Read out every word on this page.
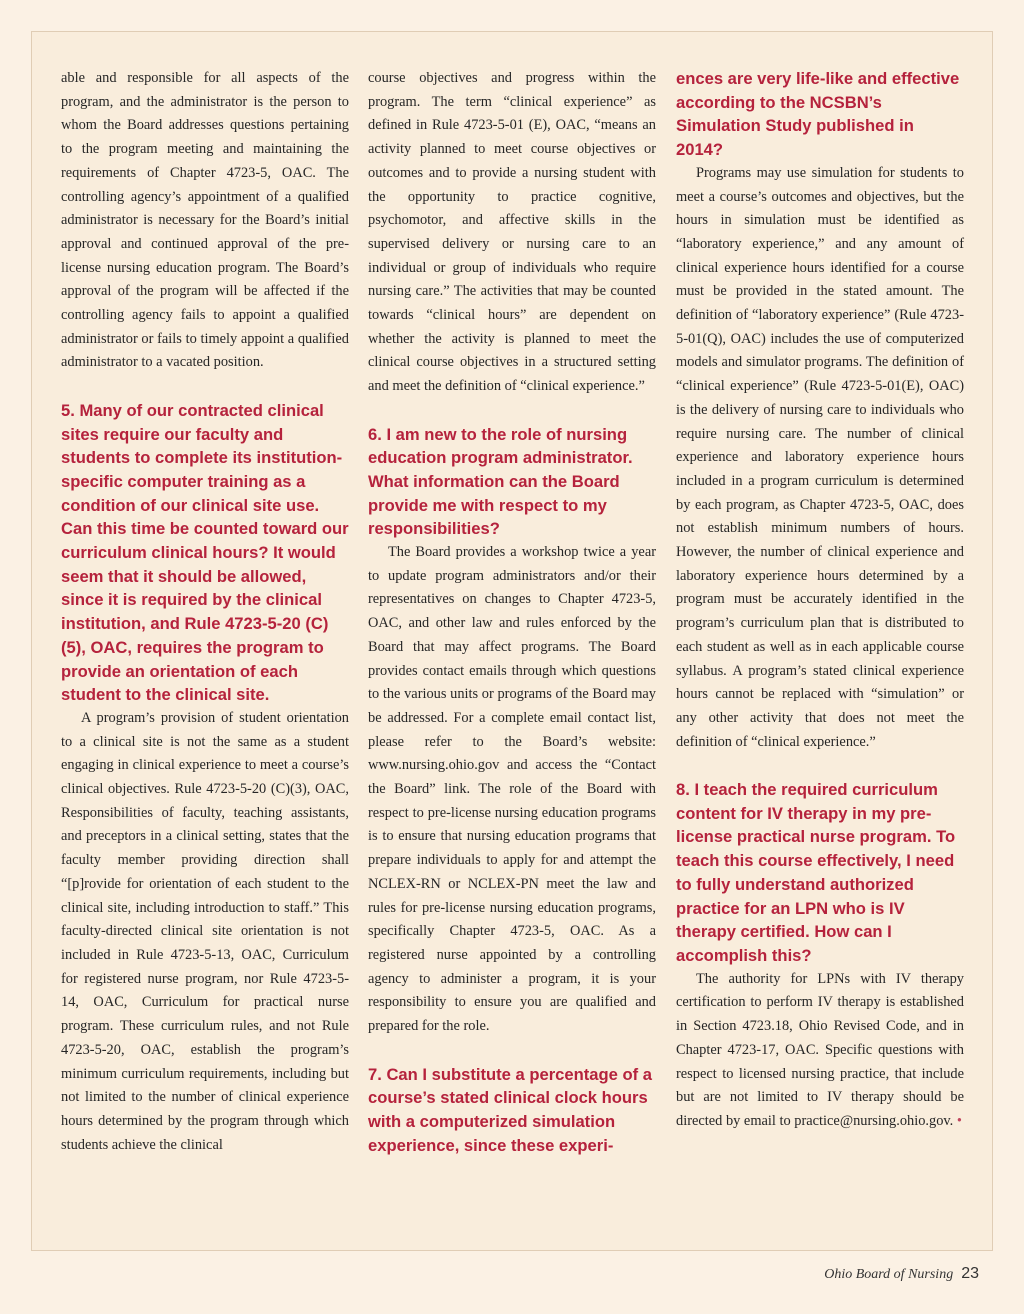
able and responsible for all aspects of the program, and the administrator is the person to whom the Board addresses questions pertaining to the program meeting and maintaining the requirements of Chapter 4723-5, OAC. The controlling agency’s appointment of a qualified administrator is necessary for the Board’s initial approval and continued approval of the pre-license nursing education program. The Board’s approval of the program will be affected if the controlling agency fails to appoint a qualified administrator or fails to timely appoint a qualified administrator to a vacated position.

5. Many of our contracted clinical sites require our faculty and students to complete its institution-specific computer training as a condition of our clinical site use. Can this time be counted toward our curriculum clinical hours? It would seem that it should be allowed, since it is required by the clinical institution, and Rule 4723-5-20 (C)(5), OAC, requires the program to provide an orientation of each student to the clinical site.

A program’s provision of student orientation to a clinical site is not the same as a student engaging in clinical experience to meet a course’s clinical objectives. Rule 4723-5-20 (C)(3), OAC, Responsibilities of faculty, teaching assistants, and preceptors in a clinical setting, states that the faculty member providing direction shall “[p]rovide for orientation of each student to the clinical site, including introduction to staff.” This faculty-directed clinical site orientation is not included in Rule 4723-5-13, OAC, Curriculum for registered nurse program, nor Rule 4723-5-14, OAC, Curriculum for practical nurse program. These curriculum rules, and not Rule 4723-5-20, OAC, establish the program’s minimum curriculum requirements, including but not limited to the number of clinical experience hours determined by the program through which students achieve the clinical

course objectives and progress within the program. The term “clinical experience” as defined in Rule 4723-5-01 (E), OAC, “means an activity planned to meet course objectives or outcomes and to provide a nursing student with the opportunity to practice cognitive, psychomotor, and affective skills in the supervised delivery or nursing care to an individual or group of individuals who require nursing care.” The activities that may be counted towards “clinical hours” are dependent on whether the activity is planned to meet the clinical course objectives in a structured setting and meet the definition of “clinical experience.”

6. I am new to the role of nursing education program administrator. What information can the Board provide me with respect to my responsibilities?

The Board provides a workshop twice a year to update program administrators and/or their representatives on changes to Chapter 4723-5, OAC, and other law and rules enforced by the Board that may affect programs. The Board provides contact emails through which questions to the various units or programs of the Board may be addressed. For a complete email contact list, please refer to the Board’s website: www.nursing.ohio.gov and access the “Contact the Board” link. The role of the Board with respect to pre-license nursing education programs is to ensure that nursing education programs that prepare individuals to apply for and attempt the NCLEX-RN or NCLEX-PN meet the law and rules for pre-license nursing education programs, specifically Chapter 4723-5, OAC. As a registered nurse appointed by a controlling agency to administer a program, it is your responsibility to ensure you are qualified and prepared for the role.

7. Can I substitute a percentage of a course’s stated clinical clock hours with a computerized simulation experience, since these experi-

ences are very life-like and effective according to the NCSBN’s Simulation Study published in 2014?

Programs may use simulation for students to meet a course’s outcomes and objectives, but the hours in simulation must be identified as “laboratory experience,” and any amount of clinical experience hours identified for a course must be provided in the stated amount. The definition of “laboratory experience” (Rule 4723-5-01(Q), OAC) includes the use of computerized models and simulator programs. The definition of “clinical experience” (Rule 4723-5-01(E), OAC) is the delivery of nursing care to individuals who require nursing care. The number of clinical experience and laboratory experience hours included in a program curriculum is determined by each program, as Chapter 4723-5, OAC, does not establish minimum numbers of hours. However, the number of clinical experience and laboratory experience hours determined by a program must be accurately identified in the program’s curriculum plan that is distributed to each student as well as in each applicable course syllabus. A program’s stated clinical experience hours cannot be replaced with “simulation” or any other activity that does not meet the definition of “clinical experience.”

8. I teach the required curriculum content for IV therapy in my pre-license practical nurse program. To teach this course effectively, I need to fully understand authorized practice for an LPN who is IV therapy certified. How can I accomplish this?

The authority for LPNs with IV therapy certification to perform IV therapy is established in Section 4723.18, Ohio Revised Code, and in Chapter 4723-17, OAC. Specific questions with respect to licensed nursing practice, that include but are not limited to IV therapy should be directed by email to practice@nursing.ohio.gov. •

Ohio Board of Nursing 23
